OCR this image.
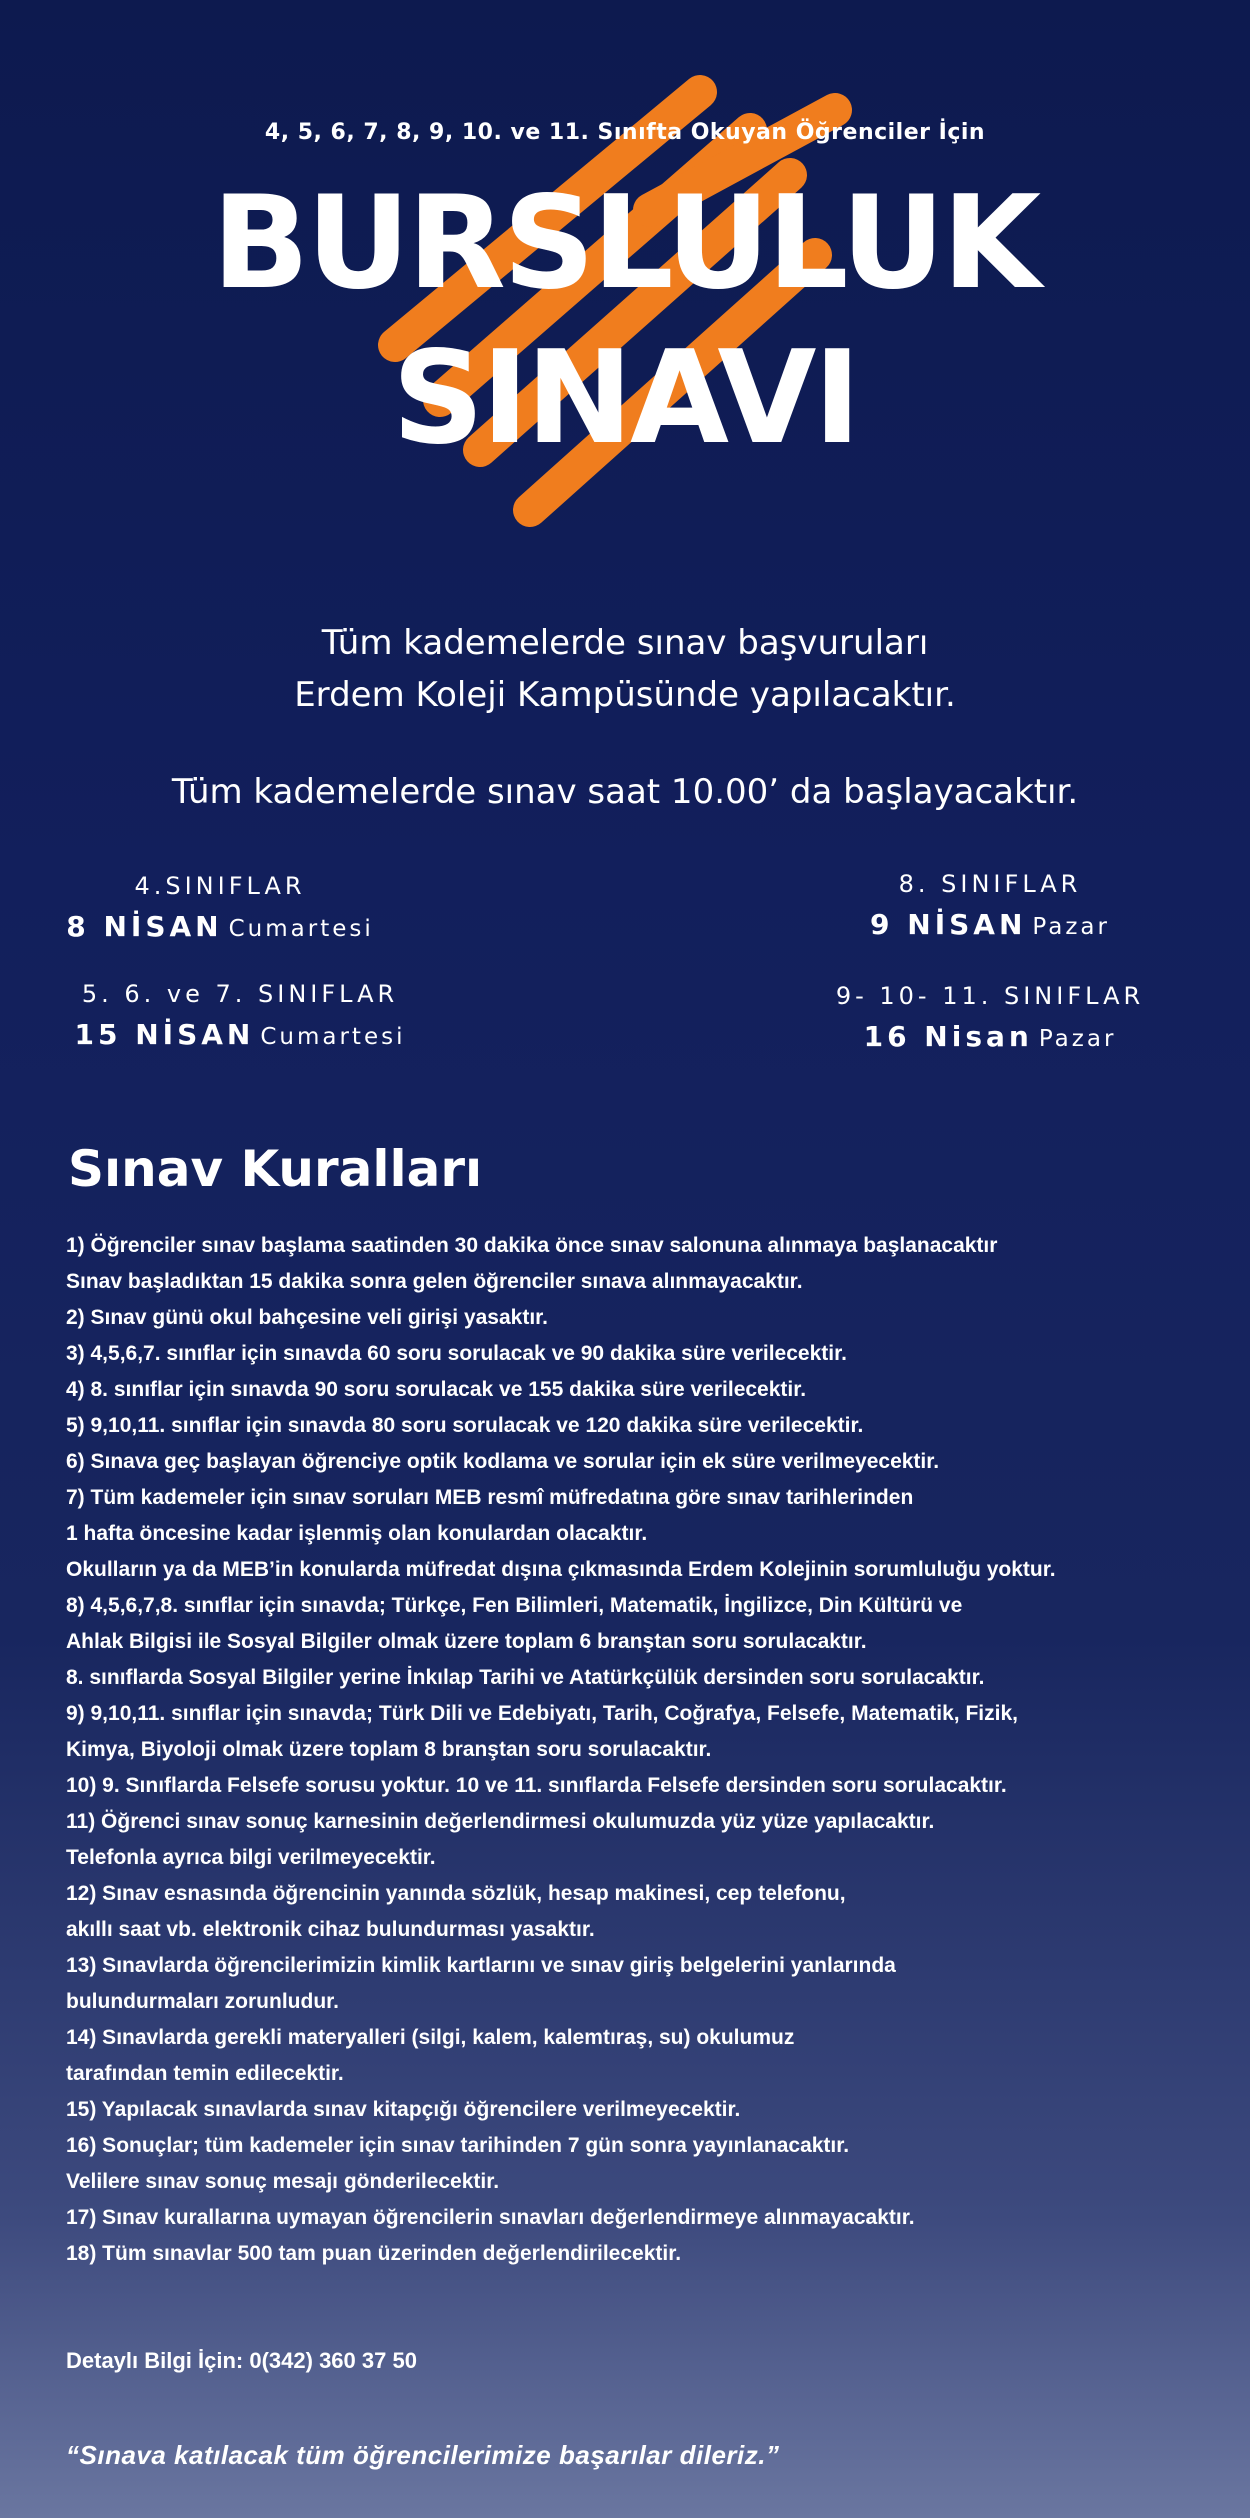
4, 5, 6, 7, 8, 9, 10. ve 11. Sınıfta Okuyan Öğrenciler İçin
BURSLULUK
SINAVI
Tüm kademelerde sınav başvuruları
Erdem Koleji Kampüsünde yapılacaktır.
Tüm kademelerde sınav saat 10.00’ da başlayacaktır.
4.SINIFLAR
8 NİSAN Cumartesi
8. SINIFLAR
9 NİSAN Pazar
5. 6. ve 7. SINIFLAR
15 NİSAN Cumartesi
9- 10- 11. SINIFLAR
16 Nisan Pazar
Sınav Kuralları
1) Öğrenciler sınav başlama saatinden 30 dakika önce sınav salonuna alınmaya başlanacaktır
Sınav başladıktan 15 dakika sonra gelen öğrenciler sınava alınmayacaktır.
2) Sınav günü okul bahçesine veli girişi yasaktır.
3) 4,5,6,7. sınıflar için sınavda 60 soru sorulacak ve 90 dakika süre verilecektir.
4) 8. sınıflar için sınavda 90 soru sorulacak ve 155 dakika süre verilecektir.
5) 9,10,11. sınıflar için sınavda 80 soru sorulacak ve 120 dakika süre verilecektir.
6) Sınava geç başlayan öğrenciye optik kodlama ve sorular için ek süre verilmeyecektir.
7) Tüm kademeler için sınav soruları MEB resmî müfredatına göre sınav tarihlerinden
1 hafta öncesine kadar işlenmiş olan konulardan olacaktır.
Okulların ya da MEB’in konularda müfredat dışına çıkmasında Erdem Kolejinin sorumluluğu yoktur.
8) 4,5,6,7,8. sınıflar için sınavda; Türkçe, Fen Bilimleri, Matematik, İngilizce, Din Kültürü ve
Ahlak Bilgisi ile Sosyal Bilgiler olmak üzere toplam 6 branştan soru sorulacaktır.
8. sınıflarda Sosyal Bilgiler yerine İnkılap Tarihi ve Atatürkçülük dersinden soru sorulacaktır.
9) 9,10,11. sınıflar için sınavda; Türk Dili ve Edebiyatı, Tarih, Coğrafya, Felsefe, Matematik, Fizik,
Kimya, Biyoloji olmak üzere toplam 8 branştan soru sorulacaktır.
10) 9. Sınıflarda Felsefe sorusu yoktur. 10 ve 11. sınıflarda Felsefe dersinden soru sorulacaktır.
11) Öğrenci sınav sonuç karnesinin değerlendirmesi okulumuzda yüz yüze yapılacaktır.
Telefonla ayrıca bilgi verilmeyecektir.
12) Sınav esnasında öğrencinin yanında sözlük, hesap makinesi, cep telefonu,
akıllı saat vb. elektronik cihaz bulundurması yasaktır.
13) Sınavlarda öğrencilerimizin kimlik kartlarını ve sınav giriş belgelerini yanlarında
bulundurmaları zorunludur.
14) Sınavlarda gerekli materyalleri (silgi, kalem, kalemtıraş, su) okulumuz
tarafından temin edilecektir.
15) Yapılacak sınavlarda sınav kitapçığı öğrencilere verilmeyecektir.
16) Sonuçlar; tüm kademeler için sınav tarihinden 7 gün sonra yayınlanacaktır.
Velilere sınav sonuç mesajı gönderilecektir.
17) Sınav kurallarına uymayan öğrencilerin sınavları değerlendirmeye alınmayacaktır.
18) Tüm sınavlar 500 tam puan üzerinden değerlendirilecektir.
Detaylı Bilgi İçin: 0(342) 360 37 50
“Sınava katılacak tüm öğrencilerimize başarılar dileriz.”
